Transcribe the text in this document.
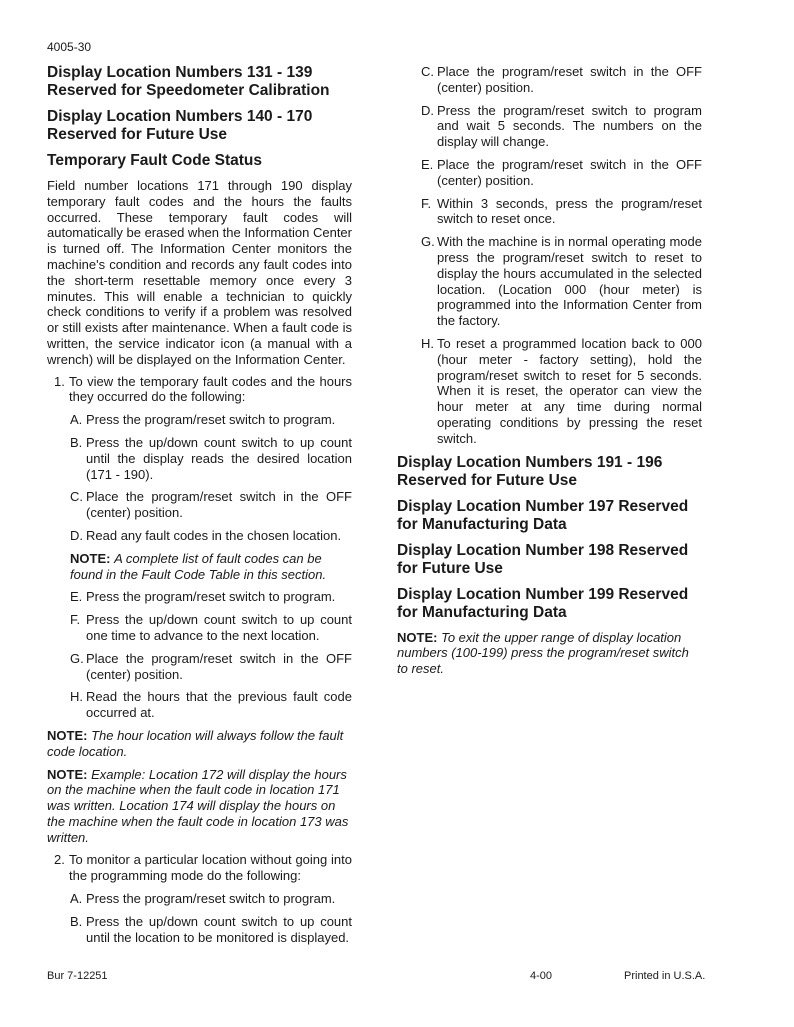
4005-30
Display Location Numbers 131 - 139 Reserved for Speedometer Calibration
Display Location Numbers 140 - 170 Reserved for Future Use
Temporary Fault Code Status

Field number locations 171 through 190 display temporary fault codes and the hours the faults occurred. These temporary fault codes will automatically be erased when the Information Center is turned off. The Information Center monitors the machine's condition and records any fault codes into the short-term resettable memory once every 3 minutes. This will enable a technician to quickly check conditions to verify if a problem was resolved or still exists after maintenance. When a fault code is written, the service indicator icon (a manual with a wrench) will be displayed on the Information Center.

1. To view the temporary fault codes and the hours they occurred do the following:
A. Press the program/reset switch to program.
B. Press the up/down count switch to up count until the display reads the desired location (171 - 190).
C. Place the program/reset switch in the OFF (center) position.
D. Read any fault codes in the chosen location.
NOTE: A complete list of fault codes can be found in the Fault Code Table in this section.
E. Press the program/reset switch to program.
F. Press the up/down count switch to up count one time to advance to the next location.
G. Place the program/reset switch in the OFF (center) position.
H. Read the hours that the previous fault code occurred at.
NOTE: The hour location will always follow the fault code location.
NOTE: Example: Location 172 will display the hours on the machine when the fault code in location 171 was written. Location 174 will display the hours on the machine when the fault code in location 173 was written.
2. To monitor a particular location without going into the programming mode do the following:
A. Press the program/reset switch to program.
B. Press the up/down count switch to up count until the location to be monitored is displayed.
C. Place the program/reset switch in the OFF (center) position.
D. Press the program/reset switch to program and wait 5 seconds. The numbers on the display will change.
E. Place the program/reset switch in the OFF (center) position.
F. Within 3 seconds, press the program/reset switch to reset once.
G. With the machine is in normal operating mode press the program/reset switch to reset to display the hours accumulated in the selected location. (Location 000 (hour meter) is programmed into the Information Center from the factory.
H. To reset a programmed location back to 000 (hour meter - factory setting), hold the program/reset switch to reset for 5 seconds. When it is reset, the operator can view the hour meter at any time during normal operating conditions by pressing the reset switch.
Display Location Numbers 191 - 196 Reserved for Future Use
Display Location Number 197 Reserved for Manufacturing Data
Display Location Number 198 Reserved for Future Use
Display Location Number 199 Reserved for Manufacturing Data
NOTE: To exit the upper range of display location numbers (100-199) press the program/reset switch to reset.
Bur 7-12251	4-00	Printed in U.S.A.
